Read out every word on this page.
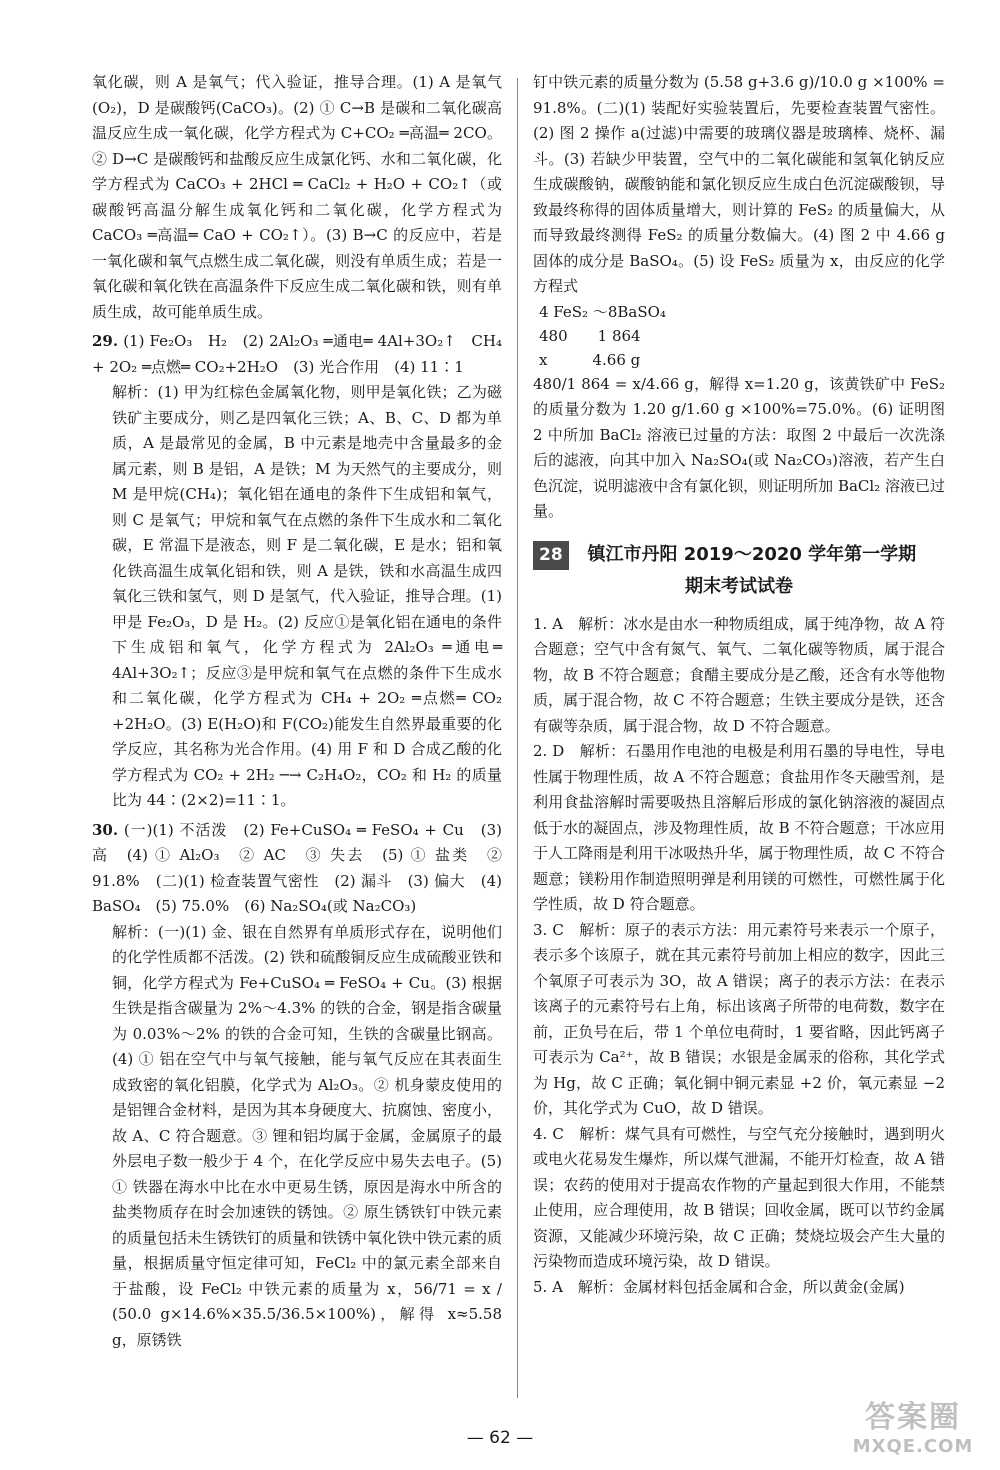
氧化碳，则 A 是氧气；代入验证，推导合理。(1) A 是氧气(O₂)，D 是碳酸钙(CaCO₃)。(2) ① C→B 是碳和二氧化碳高温反应生成一氧化碳，化学方程式为 C+CO₂ ═高温═ 2CO。② D→C 是碳酸钙和盐酸反应生成氯化钙、水和二氧化碳，化学方程式为 CaCO₃ + 2HCl ═ CaCl₂ + H₂O + CO₂↑（或碳酸钙高温分解生成氧化钙和二氧化碳，化学方程式为 CaCO₃ ═高温═ CaO + CO₂↑）。(3) B→C 的反应中，若是一氧化碳和氧气点燃生成二氧化碳，则没有单质生成；若是一氧化碳和氧化铁在高温条件下反应生成二氧化碳和铁，则有单质生成，故可能单质生成。

29. (1) Fe₂O₃　H₂　(2) 2Al₂O₃ ═通电═ 4Al+3O₂↑　CH₄ + 2O₂ ═点燃═ CO₂+2H₂O　(3) 光合作用　(4) 11∶1

解析：(1) 甲为红棕色金属氧化物，则甲是氧化铁；乙为磁铁矿主要成分，则乙是四氧化三铁；A、B、C、D 都为单质，A 是最常见的金属，B 中元素是地壳中含量最多的金属元素，则 B 是铝，A 是铁；M 为天然气的主要成分，则 M 是甲烷(CH₄)；氧化铝在通电的条件下生成铝和氧气，则 C 是氧气；甲烷和氧气在点燃的条件下生成水和二氧化碳，E 常温下是液态，则 F 是二氧化碳，E 是水；铝和氧化铁高温生成氧化铝和铁，则 A 是铁，铁和水高温生成四氧化三铁和氢气，则 D 是氢气，代入验证，推导合理。(1) 甲是 Fe₂O₃，D 是 H₂。(2) 反应①是氧化铝在通电的条件下生成铝和氧气，化学方程式为 2Al₂O₃ ═通电═ 4Al+3O₂↑；反应③是甲烷和氧气在点燃的条件下生成水和二氧化碳，化学方程式为 CH₄ + 2O₂ ═点燃═ CO₂ +2H₂O。(3) E(H₂O)和 F(CO₂)能发生自然界最重要的化学反应，其名称为光合作用。(4) 用 F 和 D 合成乙酸的化学方程式为 CO₂ + 2H₂ ─→ C₂H₄O₂，CO₂ 和 H₂ 的质量比为 44∶(2×2)=11∶1。

30. (一)(1) 不活泼　(2) Fe+CuSO₄ ═ FeSO₄ + Cu　(3) 高　(4) ① Al₂O₃　② AC　③ 失去　(5) ① 盐类　② 91.8%　(二)(1) 检查装置气密性　(2) 漏斗　(3) 偏大　(4) BaSO₄　(5) 75.0%　(6) Na₂SO₄(或 Na₂CO₃)

解析：(一)(1) 金、银在自然界有单质形式存在，说明他们的化学性质都不活泼。(2) 铁和硫酸铜反应生成硫酸亚铁和铜，化学方程式为 Fe+CuSO₄ ═ FeSO₄ + Cu。(3) 根据生铁是指含碳量为 2%～4.3% 的铁的合金，钢是指含碳量为 0.03%～2% 的铁的合金可知，生铁的含碳量比钢高。(4) ① 铝在空气中与氧气接触，能与氧气反应在其表面生成致密的氧化铝膜，化学式为 Al₂O₃。② 机身蒙皮使用的是铝锂合金材料，是因为其本身硬度大、抗腐蚀、密度小，故 A、C 符合题意。③ 锂和铝均属于金属，金属原子的最外层电子数一般少于 4 个，在化学反应中易失去电子。(5) ① 铁器在海水中比在水中更易生锈，原因是海水中所含的盐类物质存在时会加速铁的锈蚀。② 原生锈铁钉中铁元素的质量包括未生锈铁钉的质量和铁锈中氧化铁中铁元素的质量，根据质量守恒定律可知，FeCl₂ 中的氯元素全部来自于盐酸，设 FeCl₂ 中铁元素的质量为 x，56/71 = x / (50.0 g×14.6%×35.5/36.5×100%)，解得 x≈5.58 g，原锈铁

钉中铁元素的质量分数为 (5.58 g+3.6 g)/10.0 g ×100% = 91.8%。(二)(1) 装配好实验装置后，先要检查装置气密性。(2) 图 2 操作 a(过滤)中需要的玻璃仪器是玻璃棒、烧杯、漏斗。(3) 若缺少甲装置，空气中的二氧化碳能和氢氧化钠反应生成碳酸钠，碳酸钠能和氯化钡反应生成白色沉淀碳酸钡，导致最终称得的固体质量增大，则计算的 FeS₂ 的质量偏大，从而导致最终测得 FeS₂ 的质量分数偏大。(4) 图 2 中 4.66 g 固体的成分是 BaSO₄。(5) 设 FeS₂ 质量为 x，由反应的化学方程式

4 FeS₂ ～8BaSO₄
480　　1 864
x　　　4.66 g

480/1 864 = x/4.66 g，解得 x=1.20 g，该黄铁矿中 FeS₂ 的质量分数为 1.20 g/1.60 g ×100%=75.0%。(6) 证明图 2 中所加 BaCl₂ 溶液已过量的方法：取图 2 中最后一次洗涤后的滤液，向其中加入 Na₂SO₄(或 Na₂CO₃)溶液，若产生白色沉淀，说明滤液中含有氯化钡，则证明所加 BaCl₂ 溶液已过量。

28 镇江市丹阳 2019～2020 学年第一学期
期末考试试卷

1. A　解析：冰水是由水一种物质组成，属于纯净物，故 A 符合题意；空气中含有氮气、氧气、二氧化碳等物质，属于混合物，故 B 不符合题意；食醋主要成分是乙酸，还含有水等他物质，属于混合物，故 C 不符合题意；生铁主要成分是铁，还含有碳等杂质，属于混合物，故 D 不符合题意。

2. D　解析：石墨用作电池的电极是利用石墨的导电性，导电性属于物理性质，故 A 不符合题意；食盐用作冬天融雪剂，是利用食盐溶解时需要吸热且溶解后形成的氯化钠溶液的凝固点低于水的凝固点，涉及物理性质，故 B 不符合题意；干冰应用于人工降雨是利用干冰吸热升华，属于物理性质，故 C 不符合题意；镁粉用作制造照明弹是利用镁的可燃性，可燃性属于化学性质，故 D 符合题意。

3. C　解析：原子的表示方法：用元素符号来表示一个原子，表示多个该原子，就在其元素符号前加上相应的数字，因此三个氧原子可表示为 3O，故 A 错误；离子的表示方法：在表示该离子的元素符号右上角，标出该离子所带的电荷数，数字在前，正负号在后，带 1 个单位电荷时，1 要省略，因此钙离子可表示为 Ca²⁺，故 B 错误；水银是金属汞的俗称，其化学式为 Hg，故 C 正确；氧化铜中铜元素显 +2 价，氧元素显 −2 价，其化学式为 CuO，故 D 错误。

4. C　解析：煤气具有可燃性，与空气充分接触时，遇到明火或电火花易发生爆炸，所以煤气泄漏，不能开灯检查，故 A 错误；农药的使用对于提高农作物的产量起到很大作用，不能禁止使用，应合理使用，故 B 错误；回收金属，既可以节约金属资源，又能减少环境污染，故 C 正确；焚烧垃圾会产生大量的污染物而造成环境污染，故 D 错误。

5. A　解析：金属材料包括金属和合金，所以黄金(金属)

— 62 —
答案圈
MXQE.COM
